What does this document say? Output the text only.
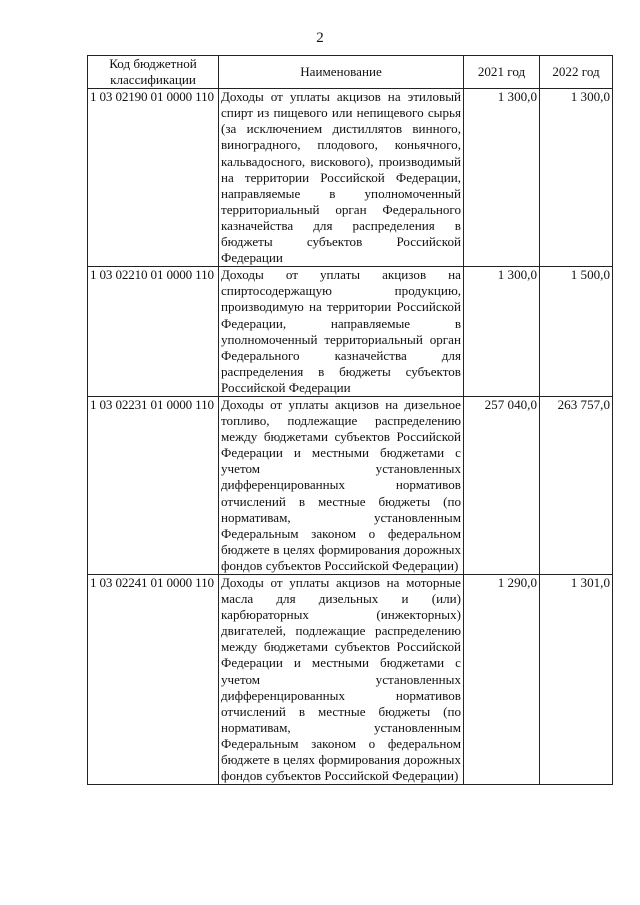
2
Код бюджетной классификации	Наименование	2021 год	2022 год
1 03 02190 01 0000 110	Доходы от уплаты акцизов на этиловый спирт из пищевого или непищевого сырья (за исключением дистиллятов винного, виноградного, плодового, коньячного, кальвадосного, вискового), производимый на территории Российской Федерации, направляемые в уполномоченный территориальный орган Федерального казначейства для распределения в бюджеты субъектов Российской Федерации	1 300,0	1 300,0
1 03 02210 01 0000 110	Доходы от уплаты акцизов на спиртосодержащую продукцию, производимую на территории Российской Федерации, направляемые в уполномоченный территориальный орган Федерального казначейства для распределения в бюджеты субъектов Российской Федерации	1 300,0	1 500,0
1 03 02231 01 0000 110	Доходы от уплаты акцизов на дизельное топливо, подлежащие распределению между бюджетами субъектов Российской Федерации и местными бюджетами с учетом установленных дифференцированных нормативов отчислений в местные бюджеты (по нормативам, установленным Федеральным законом о федеральном бюджете в целях формирования дорожных фондов субъектов Российской Федерации)	257 040,0	263 757,0
1 03 02241 01 0000 110	Доходы от уплаты акцизов на моторные масла для дизельных и (или) карбюраторных (инжекторных) двигателей, подлежащие распределению между бюджетами субъектов Российской Федерации и местными бюджетами с учетом установленных дифференцированных нормативов отчислений в местные бюджеты (по нормативам, установленным Федеральным законом о федеральном бюджете в целях формирования дорожных фондов субъектов Российской Федерации)	1 290,0	1 301,0
